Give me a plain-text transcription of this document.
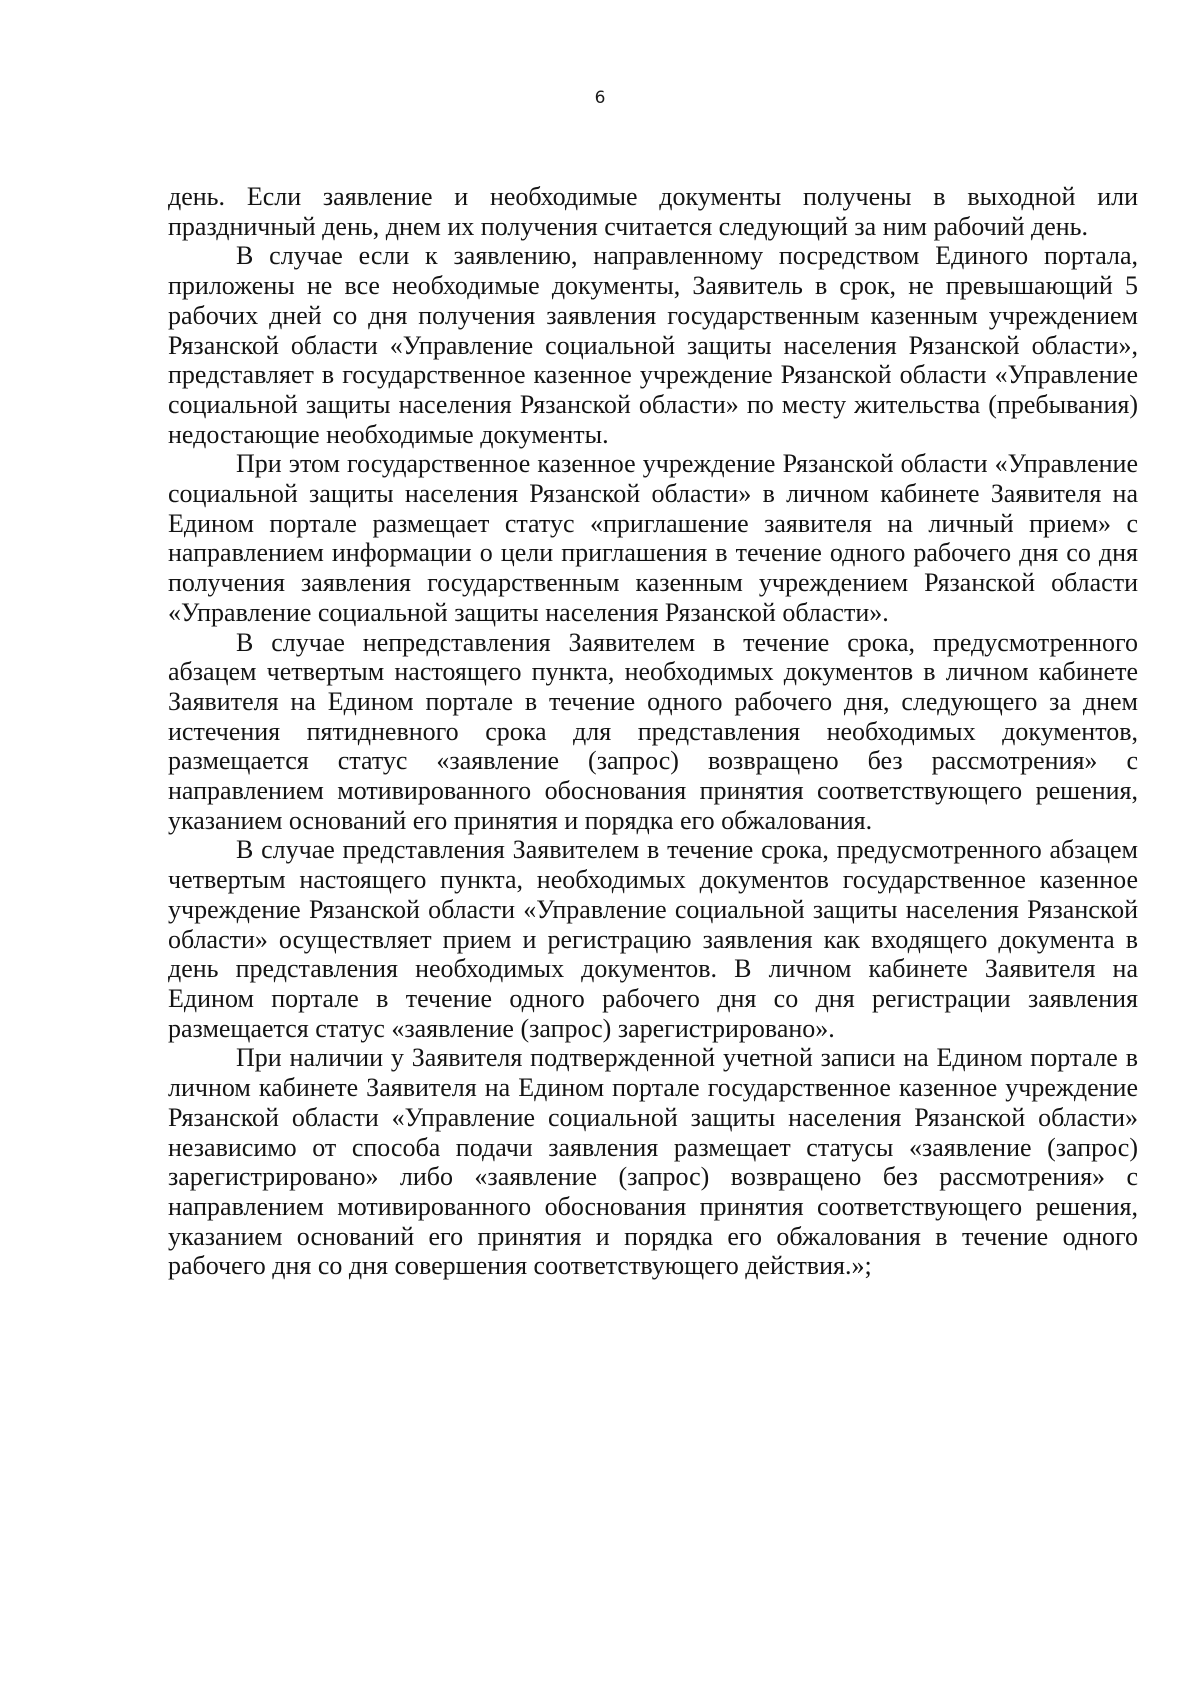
6

день. Если заявление и необходимые документы получены в выходной или праздничный день, днем их получения считается следующий за ним рабочий день.

В случае если к заявлению, направленному посредством Единого портала, приложены не все необходимые документы, Заявитель в срок, не превышающий 5 рабочих дней со дня получения заявления государственным казенным учреждением Рязанской области «Управление социальной защиты населения Рязанской области», представляет в государственное казенное учреждение Рязанской области «Управление социальной защиты населения Рязанской области» по месту жительства (пребывания) недостающие необходимые документы.

При этом государственное казенное учреждение Рязанской области «Управление социальной защиты населения Рязанской области» в личном кабинете Заявителя на Едином портале размещает статус «приглашение заявителя на личный прием» с направлением информации о цели приглашения в течение одного рабочего дня со дня получения заявления государственным казенным учреждением Рязанской области «Управление социальной защиты населения Рязанской области».

В случае непредставления Заявителем в течение срока, предусмотренного абзацем четвертым настоящего пункта, необходимых документов в личном кабинете Заявителя на Едином портале в течение одного рабочего дня, следующего за днем истечения пятидневного срока для представления необходимых документов, размещается статус «заявление (запрос) возвращено без рассмотрения» с направлением мотивированного обоснования принятия соответствующего решения, указанием оснований его принятия и порядка его обжалования.

В случае представления Заявителем в течение срока, предусмотренного абзацем четвертым настоящего пункта, необходимых документов государственное казенное учреждение Рязанской области «Управление социальной защиты населения Рязанской области» осуществляет прием и регистрацию заявления как входящего документа в день представления необходимых документов. В личном кабинете Заявителя на Едином портале в течение одного рабочего дня со дня регистрации заявления размещается статус «заявление (запрос) зарегистрировано».

При наличии у Заявителя подтвержденной учетной записи на Едином портале в личном кабинете Заявителя на Едином портале государственное казенное учреждение Рязанской области «Управление социальной защиты населения Рязанской области» независимо от способа подачи заявления размещает статусы «заявление (запрос) зарегистрировано» либо «заявление (запрос) возвращено без рассмотрения» с направлением мотивированного обоснования принятия соответствующего решения, указанием оснований его принятия и порядка его обжалования в течение одного рабочего дня со дня совершения соответствующего действия.»;
